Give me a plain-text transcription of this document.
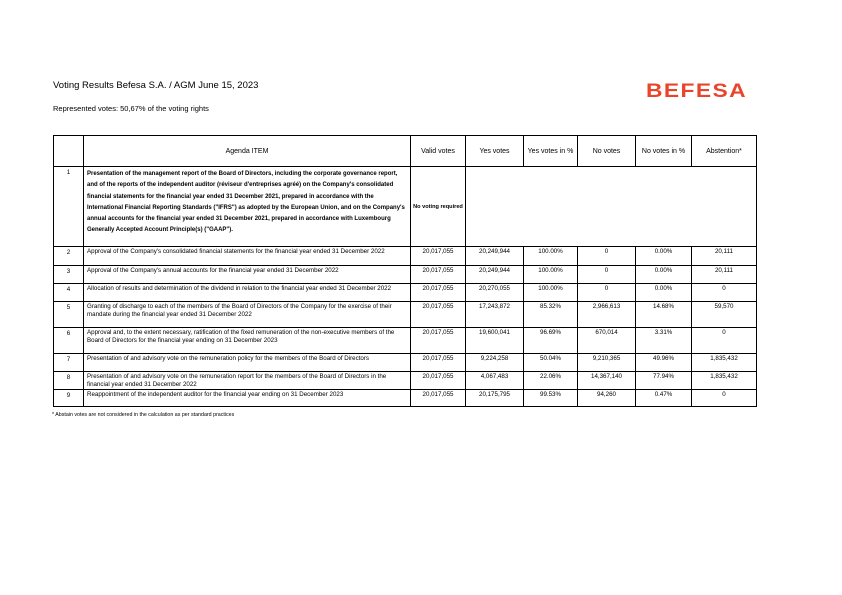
Voting Results Befesa S.A. / AGM June 15, 2023
Represented votes: 50,67% of the voting rights
BEFESA
	Agenda ITEM	Valid votes	Yes votes	Yes votes in %	No votes	No votes in %	Abstention*
1	Presentation of the management report of the Board of Directors, including the corporate governance report, and of the reports of the independent auditor (réviseur d'entreprises agréé) on the Company's consolidated financial statements for the financial year ended 31 December 2021, prepared in accordance with the International Financial Reporting Standards ("IFRS") as adopted by the European Union, and on the Company's annual accounts for the financial year ended 31 December 2021, prepared in accordance with Luxembourg Generally Accepted Account Principle(s) ("GAAP").	No voting required					
2	Approval of the Company's consolidated financial statements for the financial year ended 31 December 2022	20,017,055	20,249,944	100.00%	0	0.00%	20,111
3	Approval of the Company's annual accounts for the financial year ended 31 December 2022	20,017,055	20,249,944	100.00%	0	0.00%	20,111
4	Allocation of results and determination of the dividend in relation to the financial year ended 31 December 2022	20,017,055	20,270,055	100.00%	0	0.00%	0
5	Granting of discharge to each of the members of the Board of Directors of the Company for the exercise of their mandate during the financial year ended 31 December 2022	20,017,055	17,243,872	85.32%	2,966,613	14.68%	59,570
6	Approval and, to the extent necessary, ratification of the fixed remuneration of the non-executive members of the Board of Directors for the financial year ending on 31 December 2023	20,017,055	19,600,041	96.69%	670,014	3.31%	0
7	Presentation of and advisory vote on the remuneration policy for the members of the Board of Directors	20,017,055	9,224,258	50.04%	9,210,365	49.96%	1,835,432
8	Presentation of and advisory vote on the remuneration report for the members of the Board of Directors in the financial year ended 31 December 2022	20,017,055	4,067,483	22.06%	14,367,140	77.94%	1,835,432
9	Reappointment of the independent auditor for the financial year ending on 31 December 2023	20,017,055	20,175,795	99.53%	94,260	0.47%	0
* Abstain votes are not considered in the calculation as per standard practices
